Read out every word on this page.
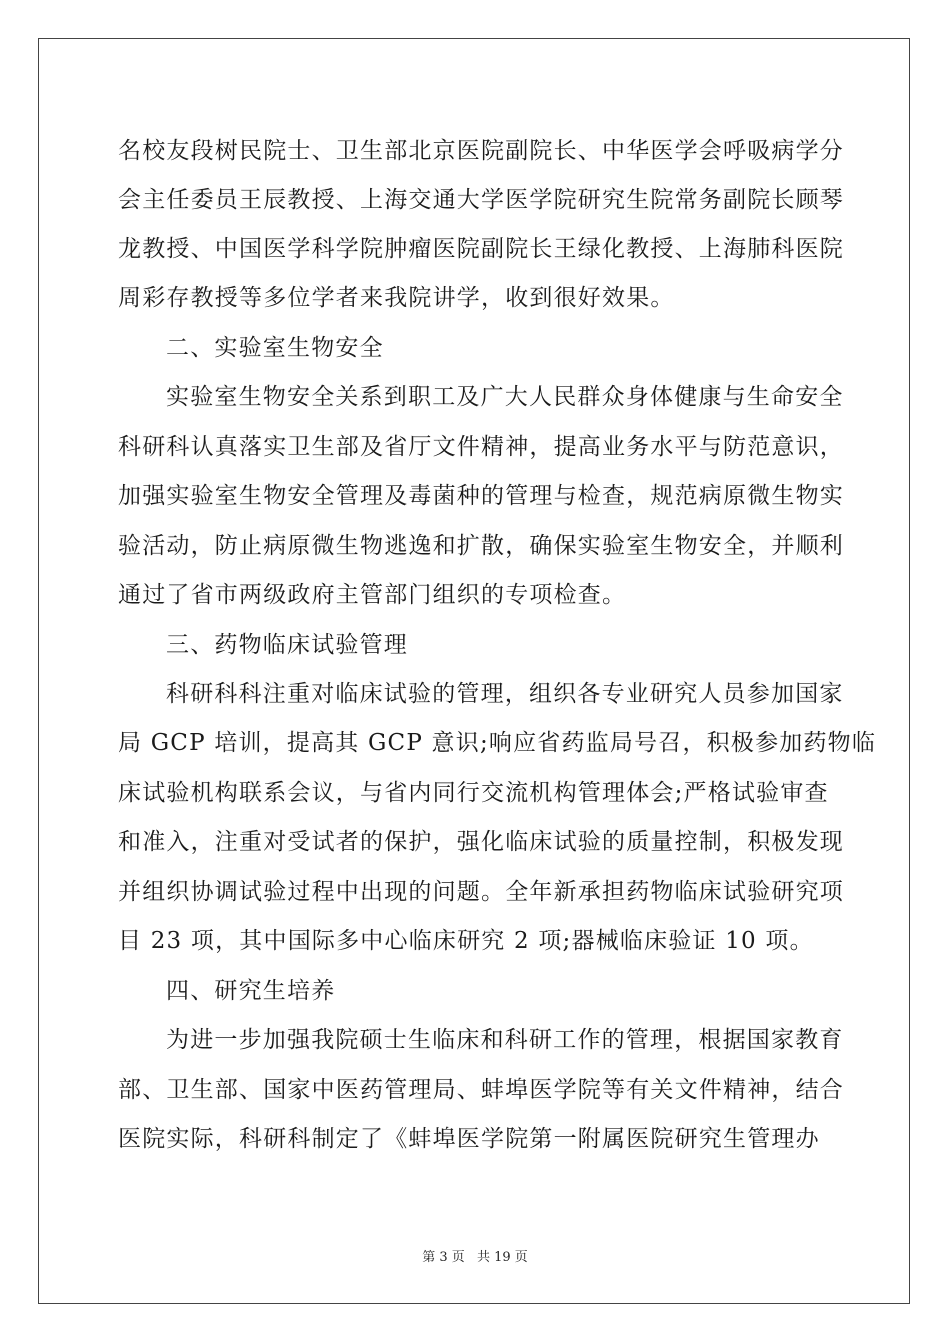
名校友段树民院士、卫生部北京医院副院长、中华医学会呼吸病学分

会主任委员王辰教授、上海交通大学医学院研究生院常务副院长顾琴

龙教授、中国医学科学院肿瘤医院副院长王绿化教授、上海肺科医院

周彩存教授等多位学者来我院讲学，收到很好效果。

二、实验室生物安全

实验室生物安全关系到职工及广大人民群众身体健康与生命安全

科研科认真落实卫生部及省厅文件精神，提高业务水平与防范意识，

加强实验室生物安全管理及毒菌种的管理与检查，规范病原微生物实

验活动，防止病原微生物逃逸和扩散，确保实验室生物安全，并顺利

通过了省市两级政府主管部门组织的专项检查。

三、药物临床试验管理

科研科科注重对临床试验的管理，组织各专业研究人员参加国家

局 GCP 培训，提高其 GCP 意识;响应省药监局号召，积极参加药物临

床试验机构联系会议，与省内同行交流机构管理体会;严格试验审查

和准入，注重对受试者的保护，强化临床试验的质量控制，积极发现

并组织协调试验过程中出现的问题。全年新承担药物临床试验研究项

目 23 项，其中国际多中心临床研究 2 项;器械临床验证 10 项。

四、研究生培养

为进一步加强我院硕士生临床和科研工作的管理，根据国家教育

部、卫生部、国家中医药管理局、蚌埠医学院等有关文件精神，结合

医院实际，科研科制定了《蚌埠医学院第一附属医院研究生管理办

第 3 页 共 19 页
